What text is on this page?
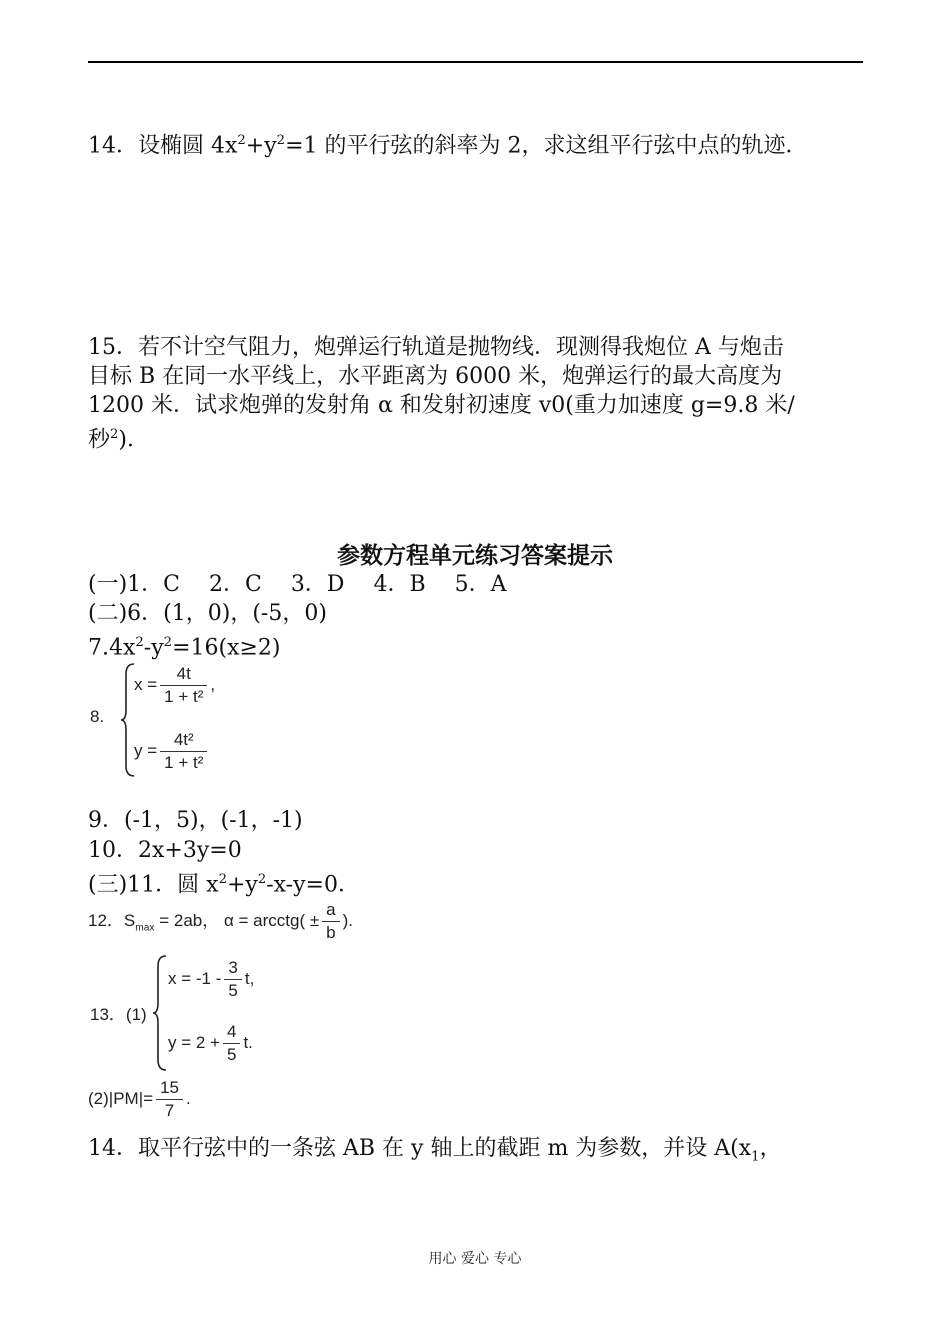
14．设椭圆 $4x^2+y^2=1$ 的平行弦的斜率为 2，求这组平行弦中点的轨迹．
15．若不计空气阻力，炮弹运行轨道是抛物线．现测得我炮位 A 与炮击
目标 B 在同一水平线上，水平距离为 6000 米，炮弹运行的最大高度为
1200 米．试求炮弹的发射角 α 和发射初速度 v0(重力加速度 g=9.8 米/
秒$^2$)．
参数方程单元练习答案提示
(一)1．C　 2．C　 3．D　 4．B　 5．A
(二)6．(1，0)，(-5，0)
$7.4x^2-y^2=16(x\ge 2)$
8.
$x = \frac{4t}{\text{1 + t²}}$ ,
$y = \frac{\text{4t²}}{\text{1 + t²}}$
9．(-1，5)，(-1，-1)
10．2x+3y=0
(三)11．圆 $x^2+y^2-x-y=0$．
12．$S_{max} = 2ab$， α = arcctg( ± $\frac{a}{b}$ ).
13．(1)
$x = -1 - \frac{3}{5} t$,
$y = 2 + \frac{4}{5} t$.
$(2)|PM|= \frac{15}{7}$ .
14．取平行弦中的一条弦 AB 在 y 轴上的截距 m 为参数，并设 $A(x_1$，
用心 爱心 专心
